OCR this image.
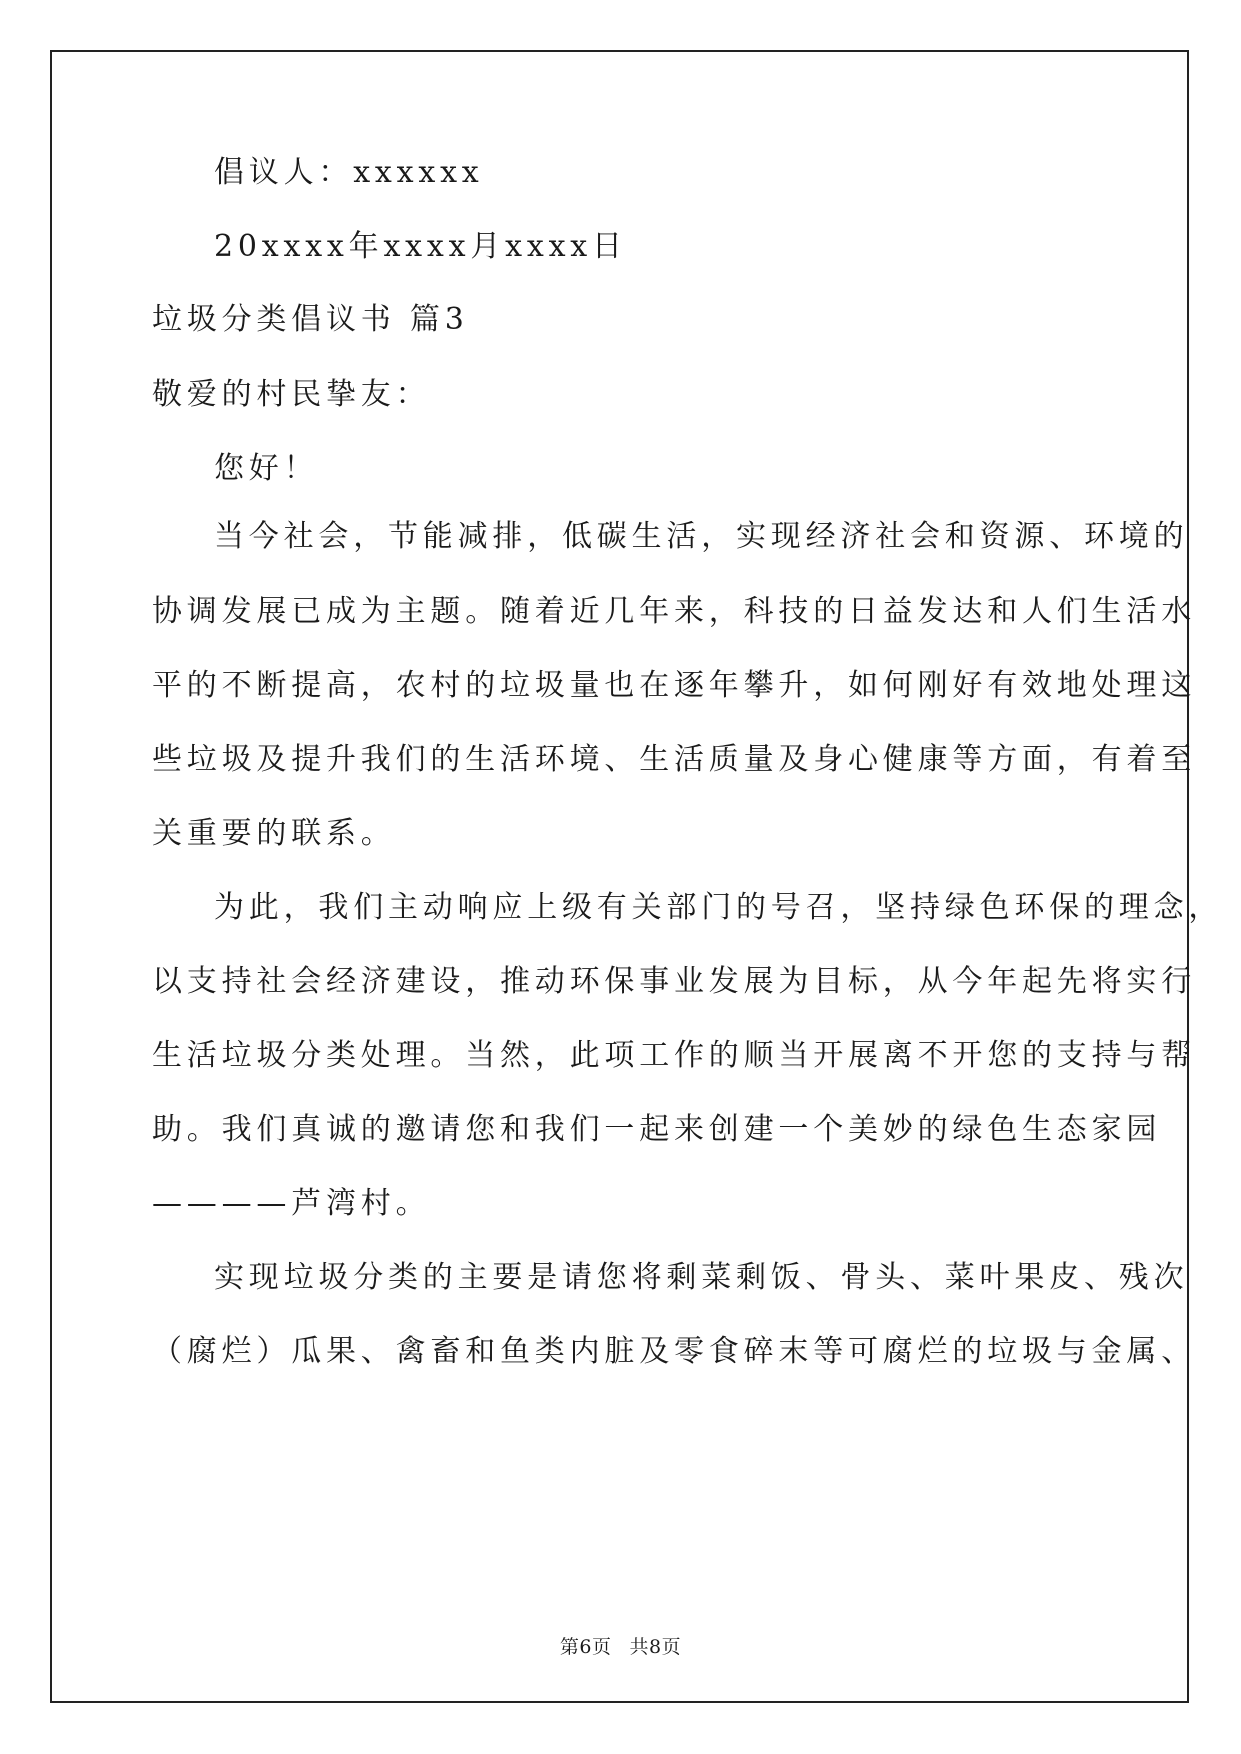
倡议人：xxxxxx
20xxxx年xxxx月xxxx日
垃圾分类倡议书 篇3
敬爱的村民挚友：
您好！
当今社会，节能减排，低碳生活，实现经济社会和资源、环境的
协调发展已成为主题。随着近几年来，科技的日益发达和人们生活水
平的不断提高，农村的垃圾量也在逐年攀升，如何刚好有效地处理这
些垃圾及提升我们的生活环境、生活质量及身心健康等方面，有着至
关重要的联系。
为此，我们主动响应上级有关部门的号召，坚持绿色环保的理念，
以支持社会经济建设，推动环保事业发展为目标，从今年起先将实行
生活垃圾分类处理。当然，此项工作的顺当开展离不开您的支持与帮
助。我们真诚的邀请您和我们一起来创建一个美妙的绿色生态家园
————芦湾村。
实现垃圾分类的主要是请您将剩菜剩饭、骨头、菜叶果皮、残次
（腐烂）瓜果、禽畜和鱼类内脏及零食碎末等可腐烂的垃圾与金属、
第6页 共8页
